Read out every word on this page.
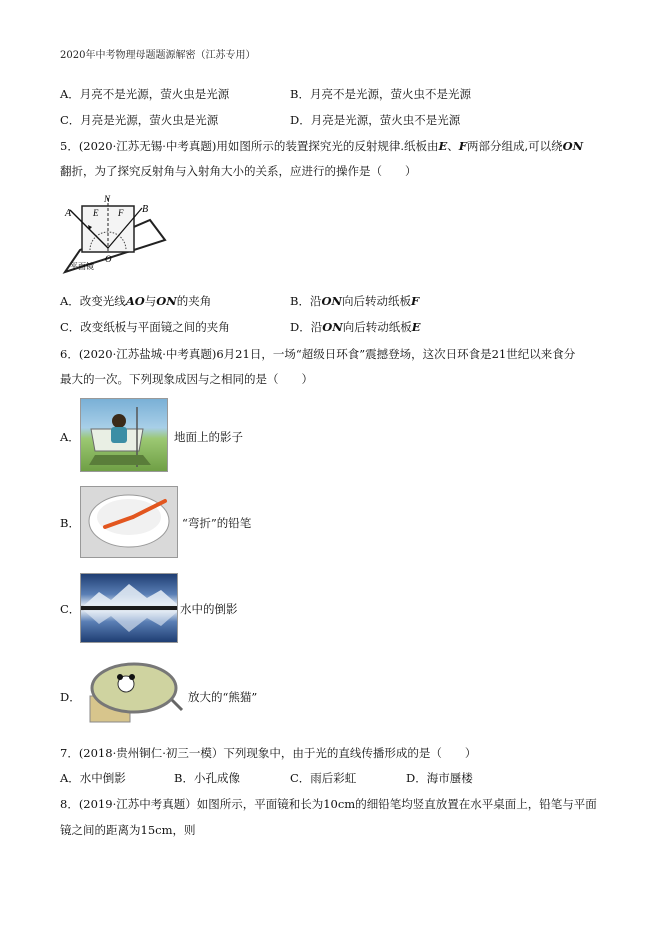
2020年中考物理母题题源解密（江苏专用）
A．月亮不是光源，萤火虫是光源	B．月亮不是光源，萤火虫不是光源
C．月亮是光源，萤火虫是光源	D．月亮是光源，萤火虫不是光源
5．(2020·江苏无锡·中考真题)用如图所示的装置探究光的反射规律.纸板由E、F两部分组成,可以绕ON
翻折，为了探究反射角与入射角大小的关系，应进行的操作是（　　）
A
N
E F B
O
平面镜
A．改变光线AO与ON的夹角	B．沿ON向后转动纸板F
C．改变纸板与平面镜之间的夹角	D．沿ON向后转动纸板E
6．(2020·江苏盐城·中考真题)6月21日，一场“超级日环食”震撼登场，这次日环食是21世纪以来食分
最大的一次。下列现象成因与之相同的是（　　）
A．	地面上的影子
B．	“弯折”的铅笔
C．	水中的倒影
D．	放大的“熊猫”
7．(2018·贵州铜仁·初三一模）下列现象中，由于光的直线传播形成的是（　　）
A．水中倒影	B．小孔成像	C．雨后彩虹	D．海市蜃楼
8．(2019·江苏中考真题）如图所示，平面镜和长为10cm的细铅笔均竖直放置在水平桌面上，铅笔与平面
镜之间的距离为15cm，则
